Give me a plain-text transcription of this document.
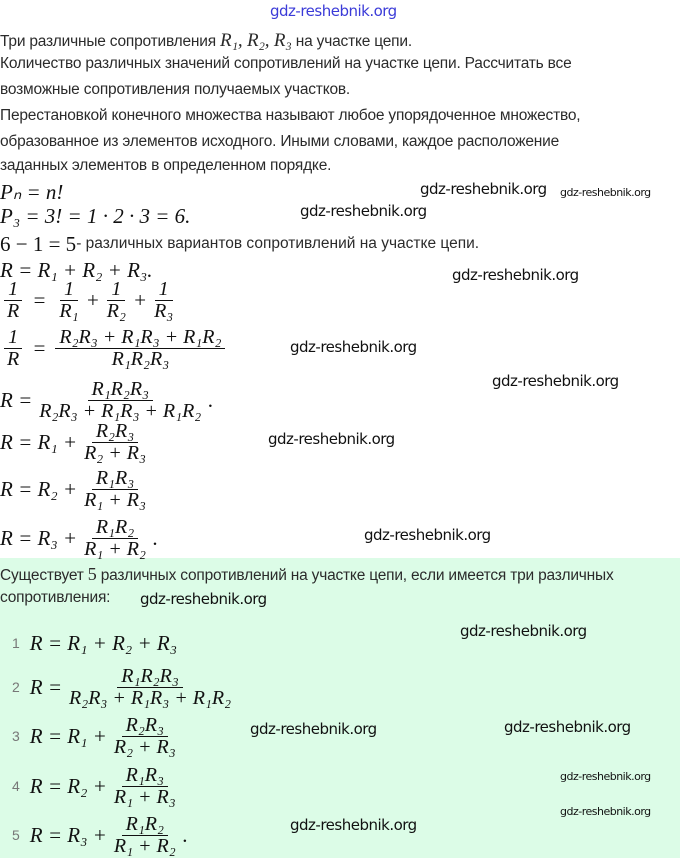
Три различные сопротивления R₁, R₂, R₃ на участке цепи.
Количество различных значений сопротивлений на участке цепи. Рассчитать все
возможные сопротивления получаемых участков.
Перестановкой конечного множества называют любое упорядоченное множество,
образованное из элементов исходного. Иными словами, каждое расположение
заданных элементов в определенном порядке.
Pₙ = n!
P₃ = 3! = 1 · 2 · 3 = 6.
6 − 1 = 5 - различных вариантов сопротивлений на участке цепи.
R = R₁ + R₂ + R₃.
$\frac{1}{R} = \frac{1}{\text{R₁}} + \frac{1}{\text{R₂}} + \frac{1}{\text{R₃}}$
$\frac{1}{R} = \frac{\text{R₂R₃ + R₁R₃ + R₁R₂}}{\text{R₁R₂R₃}}$
$R = \frac{\text{R₁R₂R₃}}{\text{R₂R₃ + R₁R₃ + R₁R₂}}$ .
$R = R_1 + \frac{\text{R₂R₃}}{\text{R₂ + R₃}}$
$R = R_2 + \frac{\text{R₁R₃}}{\text{R₁ + R₃}}$
$R = R_3 + \frac{\text{R₁R₂}}{\text{R₁ + R₂}}$ .
Существует 5 различных сопротивлений на участке цепи, если имеется три различных
сопротивления:
1 R = R₁ + R₂ + R₃
2 $R = \frac{\text{R₁R₂R₃}}{\text{R₂R₃ + R₁R₃ + R₁R₂}}$
3 $R = R_1 + \frac{\text{R₂R₃}}{\text{R₂ + R₃}}$
4 $R = R_2 + \frac{\text{R₁R₃}}{\text{R₁ + R₃}}$
5 $R = R_3 + \frac{\text{R₁R₂}}{\text{R₁ + R₂}}$ .
gdz-reshebnik.org
gdz-reshebnik.org
gdz-reshebnik.org
gdz-reshebnik.org
gdz-reshebnik.org
gdz-reshebnik.org
gdz-reshebnik.org
gdz-reshebnik.org
gdz-reshebnik.org
gdz-reshebnik.org
gdz-reshebnik.org
gdz-reshebnik.org
gdz-reshebnik.org	gdz-reshebnik.org
gdz-reshebnik.org
gdz-reshebnik.org
